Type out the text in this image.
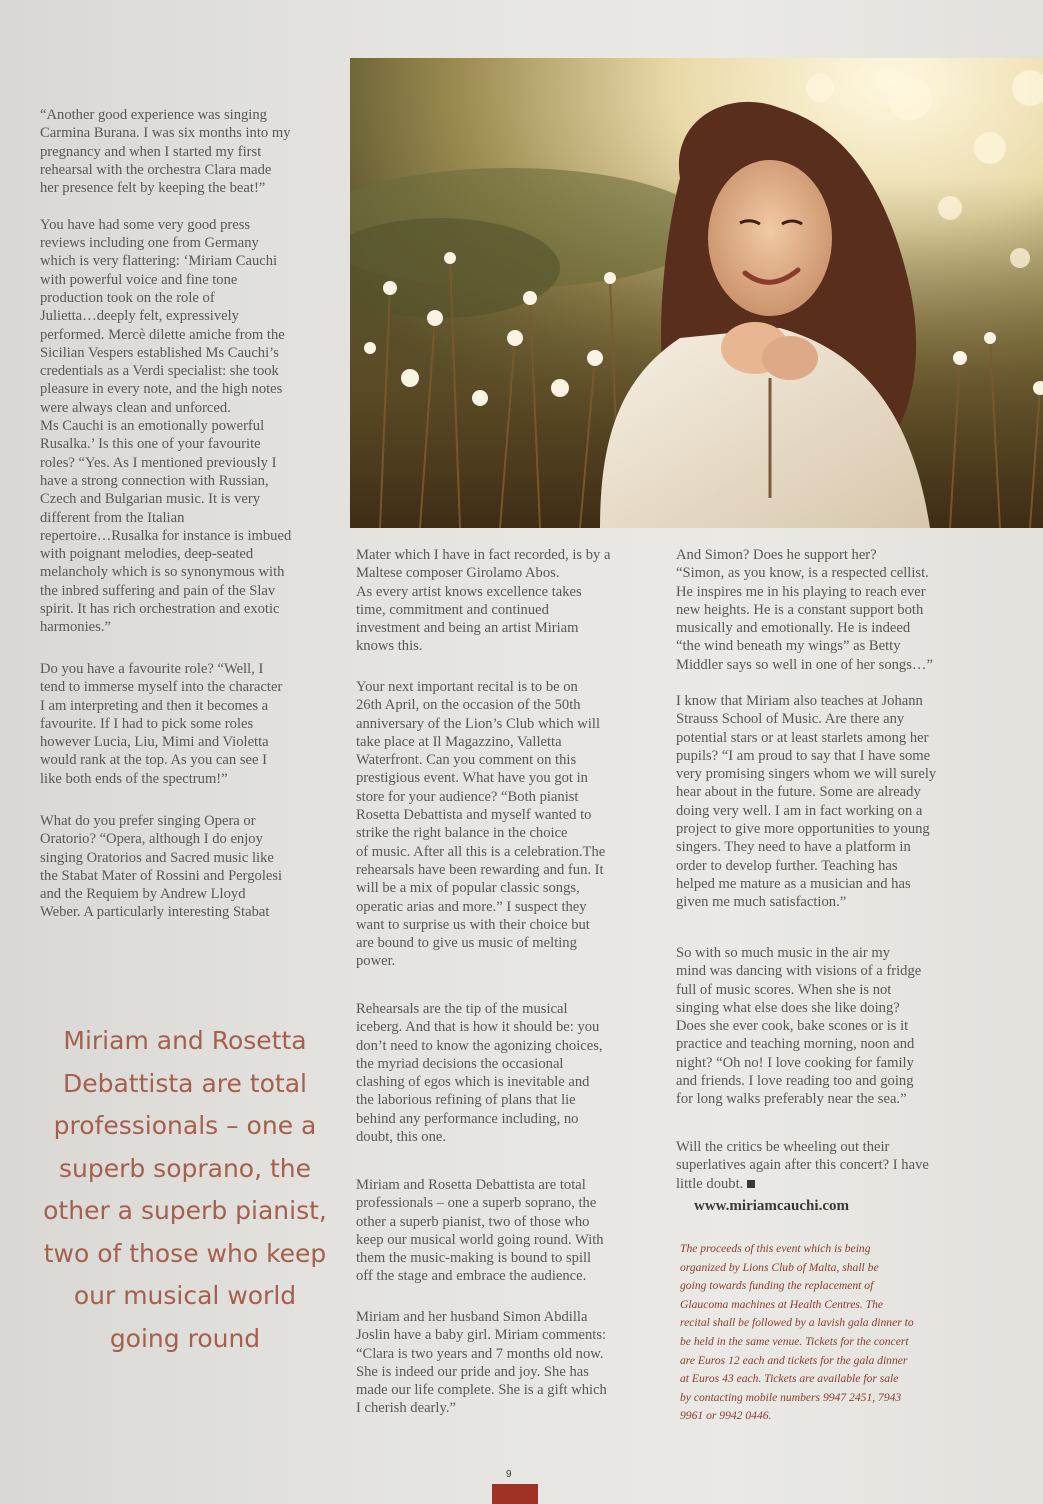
“Another good experience was singing
Carmina Burana. I was six months into my
pregnancy and when I started my first
rehearsal with the orchestra Clara made
her presence felt by keeping the beat!”

You have had some very good press
reviews including one from Germany
which is very flattering: ‘Miriam Cauchi
with powerful voice and fine tone
production took on the role of
Julietta…deeply felt, expressively
performed. Mercè dilette amiche from the
Sicilian Vespers established Ms Cauchi’s
credentials as a Verdi specialist: she took
pleasure in every note, and the high notes
were always clean and unforced.
Ms Cauchi is an emotionally powerful
Rusalka.’ Is this one of your favourite
roles? “Yes. As I mentioned previously I
have a strong connection with Russian,
Czech and Bulgarian music. It is very
different from the Italian
repertoire…Rusalka for instance is imbued
with poignant melodies, deep-seated
melancholy which is so synonymous with
the inbred suffering and pain of the Slav
spirit. It has rich orchestration and exotic
harmonies.”

Do you have a favourite role? “Well, I
tend to immerse myself into the character
I am interpreting and then it becomes a
favourite. If I had to pick some roles
however Lucia, Liu, Mimi and Violetta
would rank at the top. As you can see I
like both ends of the spectrum!”

What do you prefer singing Opera or
Oratorio? “Opera, although I do enjoy
singing Oratorios and Sacred music like
the Stabat Mater of Rossini and Pergolesi
and the Requiem by Andrew Lloyd
Weber. A particularly interesting Stabat

Miriam and Rosetta
Debattista are total
professionals – one a
superb soprano, the
other a superb pianist,
two of those who keep
our musical world
going round

Mater which I have in fact recorded, is by a
Maltese composer Girolamo Abos.
As every artist knows excellence takes
time, commitment and continued
investment and being an artist Miriam
knows this.

Your next important recital is to be on
26th April, on the occasion of the 50th
anniversary of the Lion’s Club which will
take place at Il Magazzino, Valletta
Waterfront. Can you comment on this
prestigious event. What have you got in
store for your audience? “Both pianist
Rosetta Debattista and myself wanted to
strike the right balance in the choice
of music. After all this is a celebration.The
rehearsals have been rewarding and fun. It
will be a mix of popular classic songs,
operatic arias and more.” I suspect they
want to surprise us with their choice but
are bound to give us music of melting
power.

Rehearsals are the tip of the musical
iceberg. And that is how it should be: you
don’t need to know the agonizing choices,
the myriad decisions the occasional
clashing of egos which is inevitable and
the laborious refining of plans that lie
behind any performance including, no
doubt, this one.

Miriam and Rosetta Debattista are total
professionals – one a superb soprano, the
other a superb pianist, two of those who
keep our musical world going round. With
them the music-making is bound to spill
off the stage and embrace the audience.

Miriam and her husband Simon Abdilla
Joslin have a baby girl. Miriam comments:
“Clara is two years and 7 months old now.
She is indeed our pride and joy. She has
made our life complete. She is a gift which
I cherish dearly.”

And Simon? Does he support her?
“Simon, as you know, is a respected cellist.
He inspires me in his playing to reach ever
new heights. He is a constant support both
musically and emotionally. He is indeed
“the wind beneath my wings” as Betty
Middler says so well in one of her songs…”

I know that Miriam also teaches at Johann
Strauss School of Music. Are there any
potential stars or at least starlets among her
pupils? “I am proud to say that I have some
very promising singers whom we will surely
hear about in the future. Some are already
doing very well. I am in fact working on a
project to give more opportunities to young
singers. They need to have a platform in
order to develop further. Teaching has
helped me mature as a musician and has
given me much satisfaction.”

So with so much music in the air my
mind was dancing with visions of a fridge
full of music scores. When she is not
singing what else does she like doing?
Does she ever cook, bake scones or is it
practice and teaching morning, noon and
night? “Oh no! I love cooking for family
and friends. I love reading too and going
for long walks preferably near the sea.”

Will the critics be wheeling out their
superlatives again after this concert? I have
little doubt.

www.miriamcauchi.com

The proceeds of this event which is being
organized by Lions Club of Malta, shall be
going towards funding the replacement of
Glaucoma machines at Health Centres. The
recital shall be followed by a lavish gala dinner to
be held in the same venue. Tickets for the concert
are Euros 12 each and tickets for the gala dinner
at Euros 43 each. Tickets are available for sale
by contacting mobile numbers 9947 2451, 7943
9961 or 9942 0446.

9
